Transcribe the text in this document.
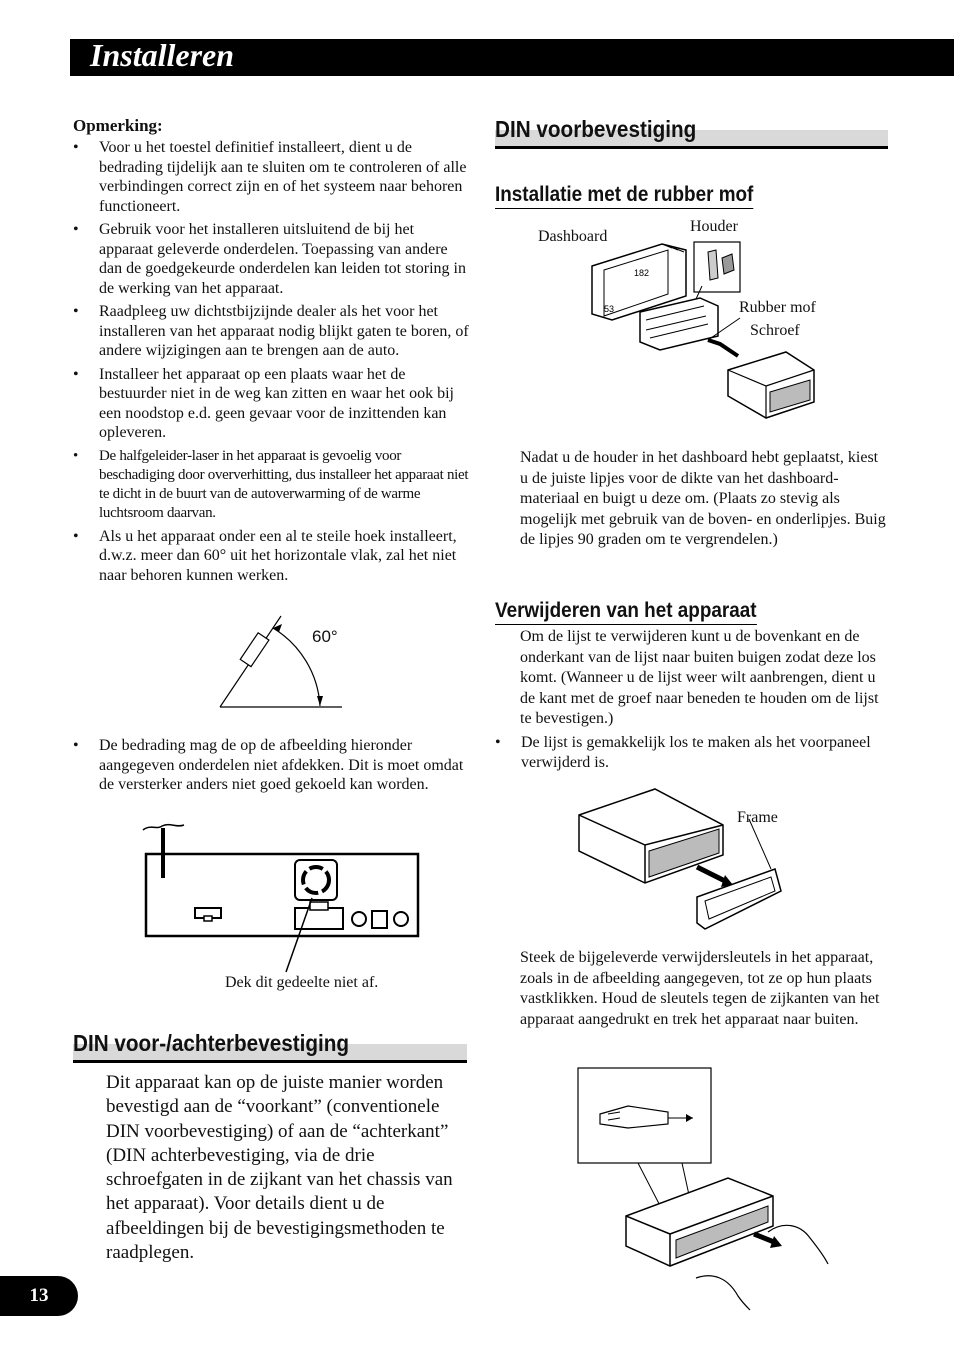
Installeren
Opmerking:
• Voor u het toestel definitief installeert, dient u de bedrading tijdelijk aan te sluiten om te controleren of alle verbindingen correct zijn en of het systeem naar behoren functioneert.
• Gebruik voor het installeren uitsluitend de bij het apparaat geleverde onderdelen. Toepassing van andere dan de goedgekeurde onderdelen kan leiden tot storing in de werking van het apparaat.
• Raadpleeg uw dichtstbijzijnde dealer als het voor het installeren van het apparaat nodig blijkt gaten te boren, of andere wijzigingen aan te brengen aan de auto.
• Installeer het apparaat op een plaats waar het de bestuurder niet in de weg kan zitten en waar het ook bij een noodstop e.d. geen gevaar voor de inzittenden kan opleveren.
• De halfgeleider-laser in het apparaat is gevoelig voor beschadiging door oververhitting, dus installeer het apparaat niet te dicht in de buurt van de autoverwarming of de warme luchtsroom daarvan.
• Als u het apparaat onder een al te steile hoek installeert, d.w.z. meer dan 60° uit het horizontale vlak, zal het niet naar behoren kunnen werken.
60°
• De bedrading mag de op de afbeelding hieronder aangegeven onderdelen niet afdekken. Dit is moet omdat de versterker anders niet goed gekoeld kan worden.
Dek dit gedeelte niet af.
DIN voor-/achterbevestiging
Dit apparaat kan op de juiste manier worden bevestigd aan de “voorkant” (conventionele DIN voorbevestiging) of aan de “achterkant” (DIN achterbevestiging, via de drie schroefgaten in de zijkant van het chassis van het apparaat). Voor details dient u de afbeeldingen bij de bevestigingsmethoden te raadplegen.
13
DIN voorbevestiging
Installatie met de rubber mof
182
53
Dashboard
Houder
Rubber mof
Schroef
Nadat u de houder in het dashboard hebt geplaatst, kiest u de juiste lipjes voor de dikte van het dashboard-materiaal en buigt u deze om. (Plaats zo stevig als mogelijk met gebruik van de boven- en onderlipjes. Buig de lipjes 90 graden om te vergrendelen.)
Verwijderen van het apparaat
Om de lijst te verwijderen kunt u de bovenkant en de onderkant van de lijst naar buiten buigen zodat deze los komt. (Wanneer u de lijst weer wilt aanbrengen, dient u de kant met de groef naar beneden te houden om de lijst te bevestigen.)
• De lijst is gemakkelijk los te maken als het voorpaneel verwijderd is.
Frame
Steek de bijgeleverde verwijdersleutels in het apparaat, zoals in de afbeelding aangegeven, tot ze op hun plaats vastklikken. Houd de sleutels tegen de zijkanten van het apparaat aangedrukt en trek het apparaat naar buiten.
